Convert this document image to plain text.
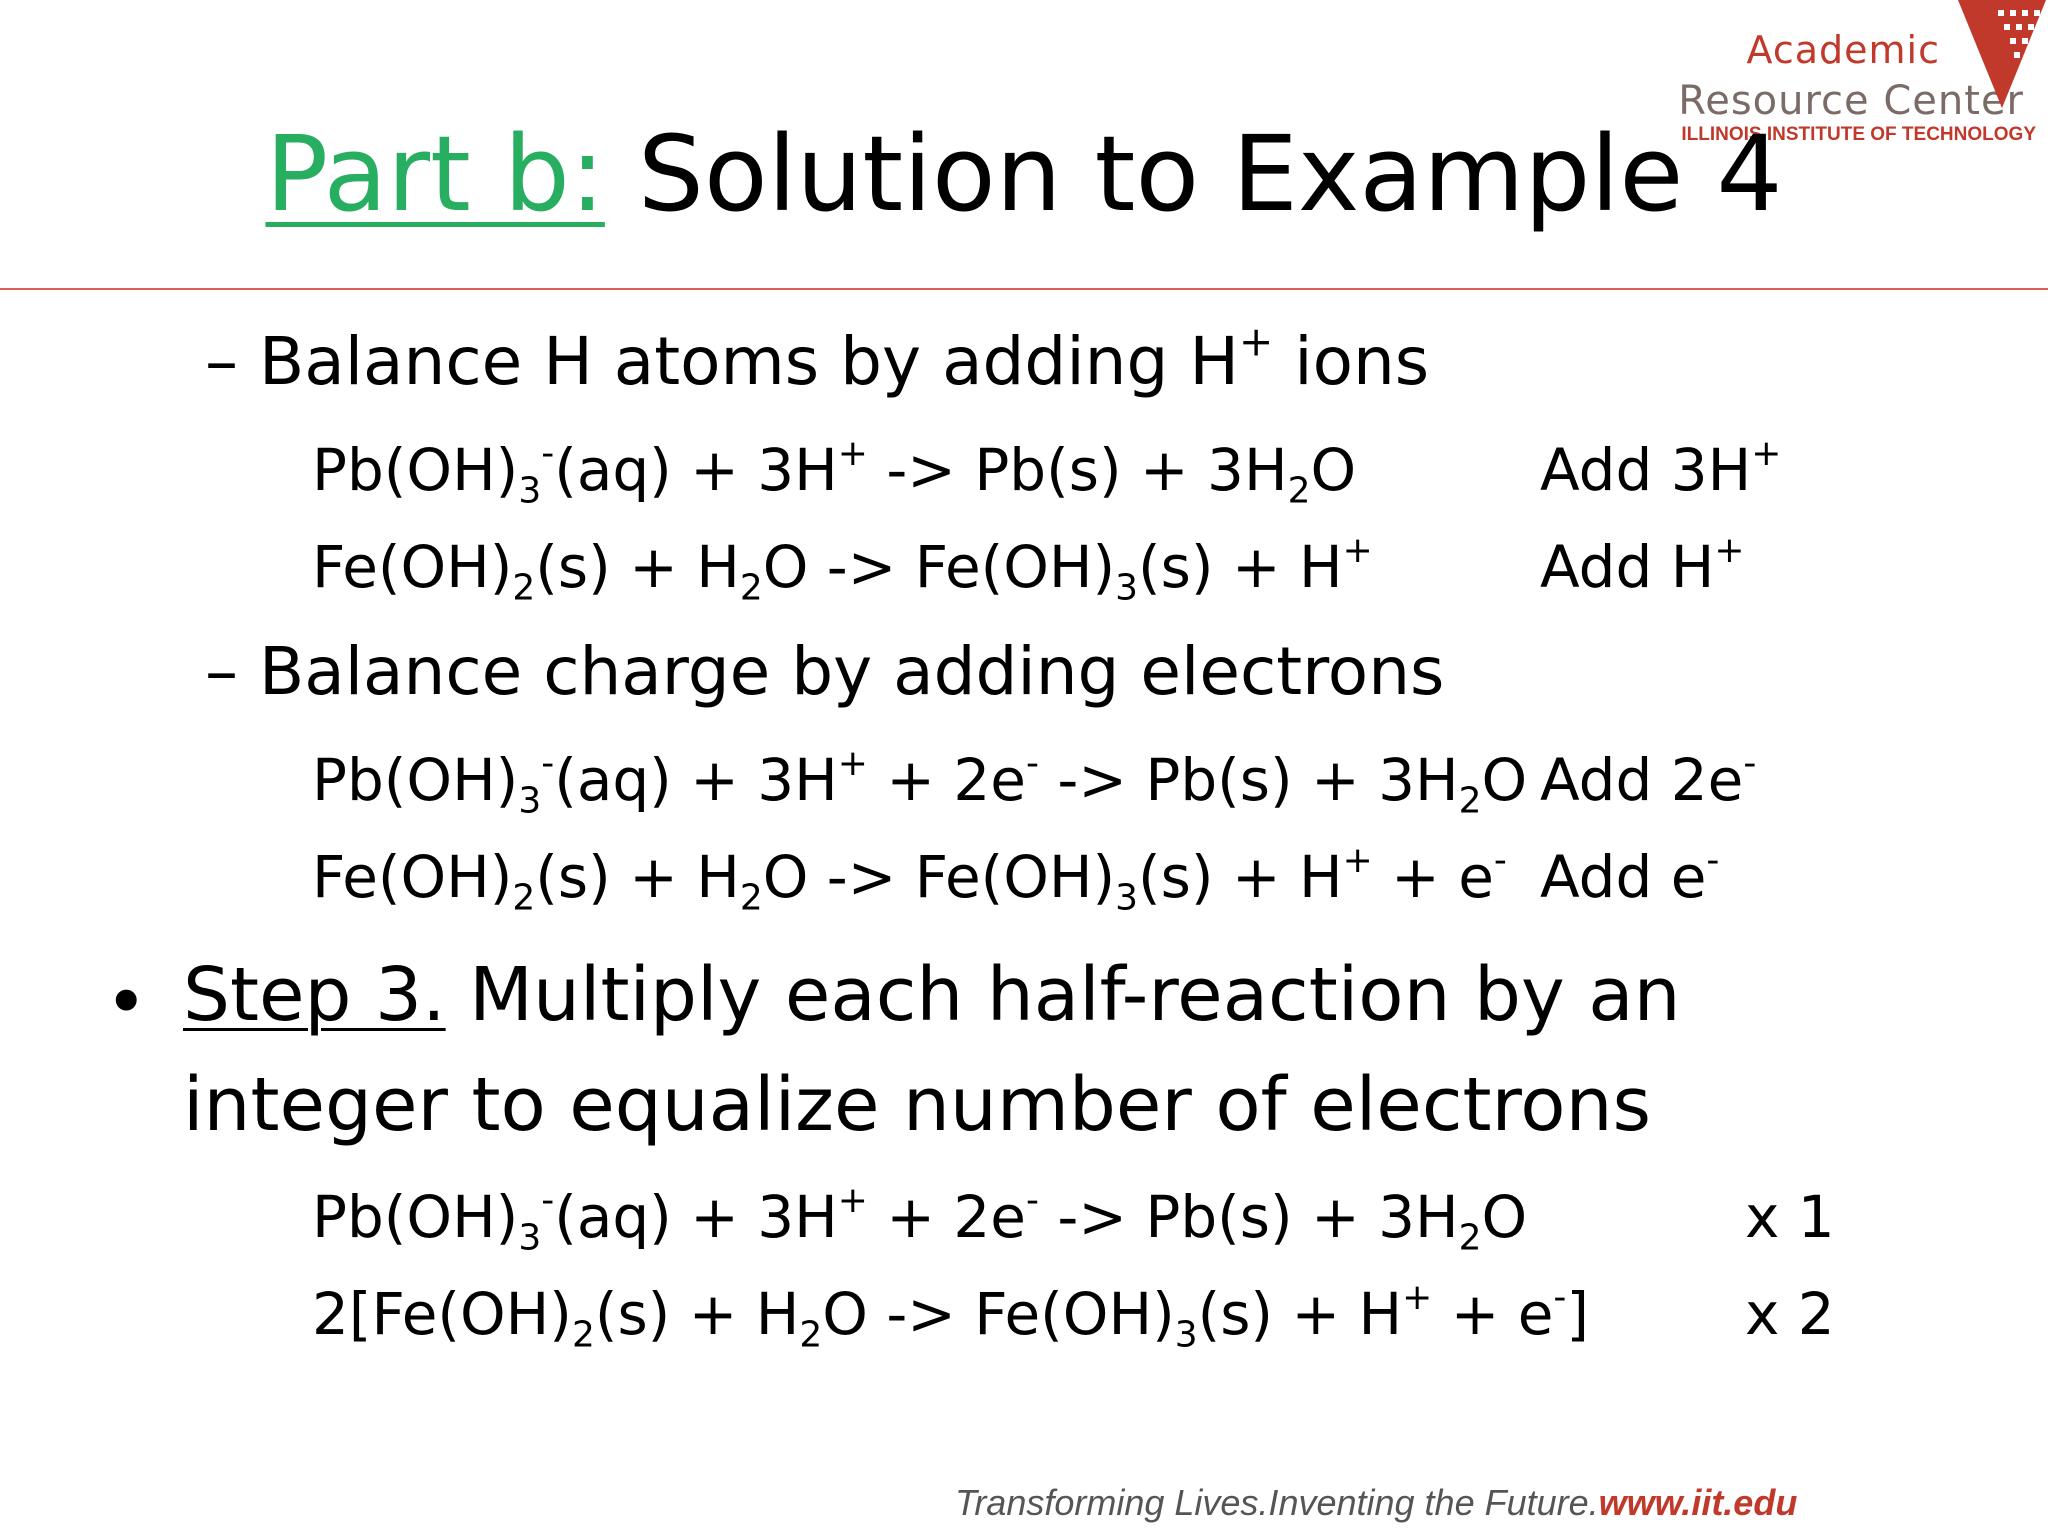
Academic
Resource Center
ILLINOIS INSTITUTE OF TECHNOLOGY
Part b: Solution to Example 4
– Balance H atoms by adding H+ ions
$Pb(OH)_3^-(aq) + 3H^+ -> Pb(s) + 3H_2O$	Add 3H+
$Fe(OH)_2(s) + H_2O -> Fe(OH)_3(s) + H^+$	Add H+
– Balance charge by adding electrons
$Pb(OH)_3^-(aq) + 3H^+ + 2e^- -> Pb(s) + 3H_2O$ Add 2e-
$Fe(OH)_2(s) + H_2O -> Fe(OH)_3(s) + H^+ + e^-$ Add e-
• Step 3. Multiply each half-reaction by an
integer to equalize number of electrons
$Pb(OH)_3^-(aq) + 3H^+ + 2e^- -> Pb(s) + 3H_2O$	x 1
$2[Fe(OH)_2(s) + H_2O -> Fe(OH)_3(s) + H^+ + e^-]$	x 2
Transforming Lives.Inventing the Future.www.iit.edu
